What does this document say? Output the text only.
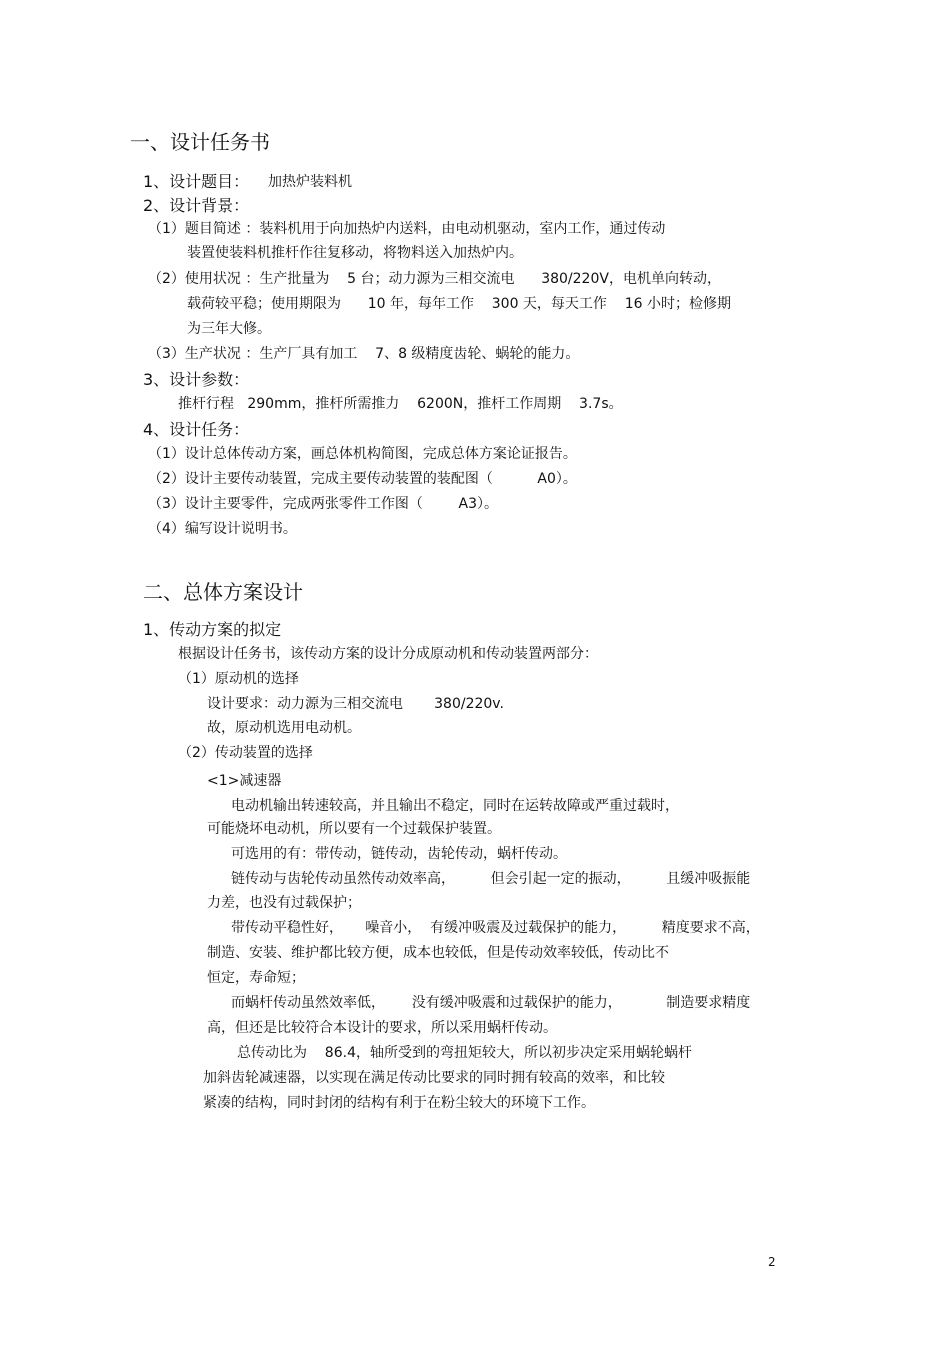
一、设计任务书
1、设计题目： 加热炉装料机
2、设计背景：
（1）题目简述 ：装料机用于向加热炉内送料，由电动机驱动，室内工作，通过传动
装置使装料机推杆作往复移动，将物料送入加热炉内。
（2）使用状况 ：生产批量为    5 台；动力源为三相交流电      380/220V，电机单向转动，
载荷较平稳；使用期限为      10 年，每年工作    300 天，每天工作    16 小时；检修期
为三年大修。
（3）生产状况 ：生产厂具有加工    7、8 级精度齿轮、蜗轮的能力。
3、设计参数：
推杆行程   290mm，推杆所需推力    6200N，推杆工作周期    3.7s。
4、设计任务：
（1）设计总体传动方案，画总体机构简图，完成总体方案论证报告。
（2）设计主要传动装置，完成主要传动装置的装配图（          A0）。
（3）设计主要零件，完成两张零件工作图（        A3）。
（4）编写设计说明书。
二、总体方案设计
1、传动方案的拟定
根据设计任务书，该传动方案的设计分成原动机和传动装置两部分：
（1）原动机的选择
设计要求：动力源为三相交流电       380/220v.
故，原动机选用电动机。
（2）传动装置的选择
<1>减速器
电动机输出转速较高，并且输出不稳定，同时在运转故障或严重过载时，
可能烧坏电动机，所以要有一个过载保护装置。
可选用的有：带传动，链传动，齿轮传动，蜗杆传动。
链传动与齿轮传动虽然传动效率高，        但会引起一定的振动，        且缓冲吸振能
力差，也没有过载保护；
带传动平稳性好，     噪音小，  有缓冲吸震及过载保护的能力，        精度要求不高，
制造、安装、维护都比较方便，成本也较低，但是传动效率较低，传动比不
恒定，寿命短；
而蜗杆传动虽然效率低，      没有缓冲吸震和过载保护的能力，          制造要求精度
高，但还是比较符合本设计的要求，所以采用蜗杆传动。
总传动比为    86.4，轴所受到的弯扭矩较大，所以初步决定采用蜗轮蜗杆
加斜齿轮减速器，以实现在满足传动比要求的同时拥有较高的效率，和比较
紧凑的结构，同时封闭的结构有利于在粉尘较大的环境下工作。
2
